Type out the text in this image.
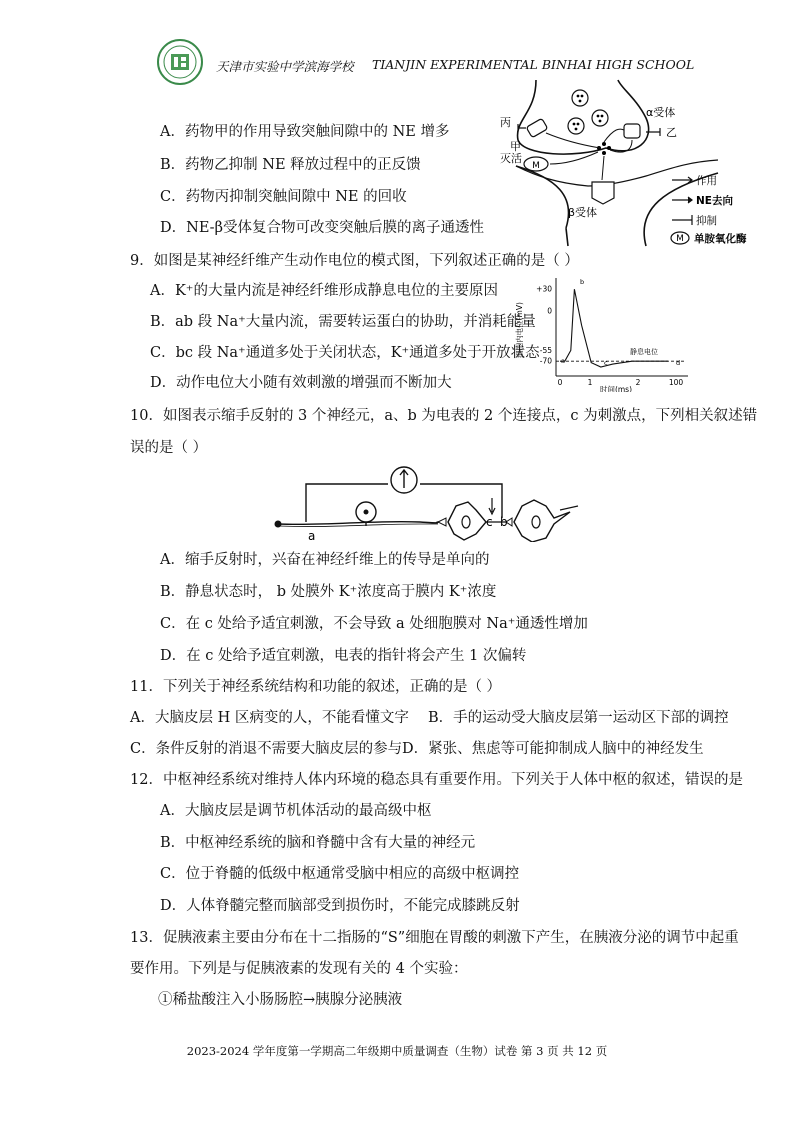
天津市实验中学滨海学校 TIANJIN EXPERIMENTAL BINHAI HIGH SCHOOL
A．药物甲的作用导致突触间隙中的 NE 增多
B．药物乙抑制 NE 释放过程中的正反馈
C．药物丙抑制突触间隙中 NE 的回收
D．NE-β受体复合物可改变突触后膜的离子通透性
M
丙
甲
灭活
M
乙
α受体
β受体
作用
NE去向
抑制
单胺氧化酶
9．如图是某神经纤维产生动作电位的模式图，下列叙述正确的是（ ）
A．K⁺的大量内流是神经纤维形成静息电位的主要原因
B．ab 段 Na⁺大量内流，需要转运蛋白的协助，并消耗能量
C．bc 段 Na⁺通道多处于关闭状态，K⁺通道多处于开放状态
D．动作电位大小随有效刺激的增强而不断加大
细胞内电位(mV)
+30
0
-55
-70
0	1	2	100
时间(ms)
静息电位
a
b
c	d
10．如图表示缩手反射的 3 个神经元，a、b 为电表的 2 个连接点，c 为刺激点，下列相关叙述错
误的是（ ）
a
c b
A．缩手反射时，兴奋在神经纤维上的传导是单向的
B．静息状态时， b 处膜外 K⁺浓度高于膜内 K⁺浓度
C．在 c 处给予适宜刺激，不会导致 a 处细胞膜对 Na⁺通透性增加
D．在 c 处给予适宜刺激，电表的指针将会产生 1 次偏转
11．下列关于神经系统结构和功能的叙述，正确的是（ ）
A．大脑皮层 H 区病变的人，不能看懂文字 B．手的运动受大脑皮层第一运动区下部的调控
C．条件反射的消退不需要大脑皮层的参与 D．紧张、焦虑等可能抑制成人脑中的神经发生
12．中枢神经系统对维持人体内环境的稳态具有重要作用。下列关于人体中枢的叙述，错误的是
A．大脑皮层是调节机体活动的最高级中枢
B．中枢神经系统的脑和脊髓中含有大量的神经元
C．位于脊髓的低级中枢通常受脑中相应的高级中枢调控
D．人体脊髓完整而脑部受到损伤时，不能完成膝跳反射
13．促胰液素主要由分布在十二指肠的“S”细胞在胃酸的刺激下产生，在胰液分泌的调节中起重
要作用。下列是与促胰液素的发现有关的 4 个实验：
①稀盐酸注入小肠肠腔→胰腺分泌胰液
2023-2024 学年度第一学期高二年级期中质量调查（生物）试卷 第 3 页 共 12 页
